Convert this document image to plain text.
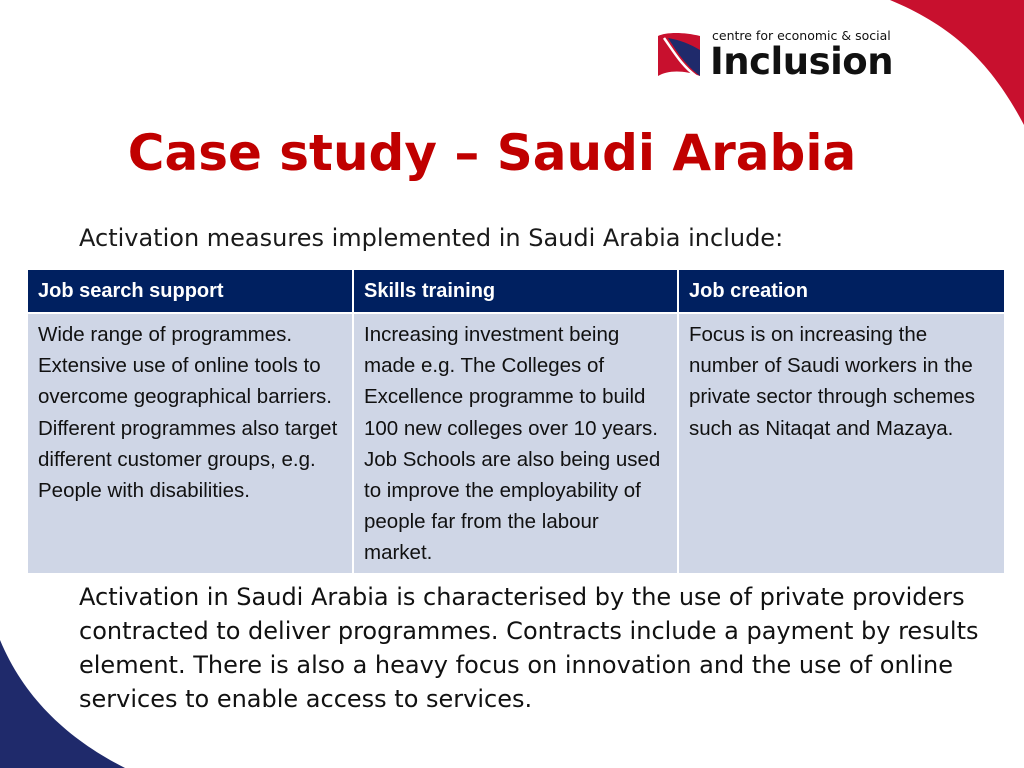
centre for economic & social
Inclusion
Case study – Saudi Arabia

Activation measures implemented in Saudi Arabia include:

Job search support	Skills training	Job creation
Wide range of programmes. Extensive use of online tools to overcome geographical barriers. Different programmes also target different customer groups, e.g. People with disabilities.	Increasing investment being made e.g. The Colleges of Excellence programme to build 100 new colleges over 10 years. Job Schools are also being used to improve the employability of people far from the labour market.	Focus is on increasing the number of Saudi workers in the private sector through schemes such as Nitaqat and Mazaya.

Activation in Saudi Arabia is characterised by the use of private providers contracted to deliver programmes. Contracts include a payment by results element. There is also a heavy focus on innovation and the use of online services to enable access to services.
